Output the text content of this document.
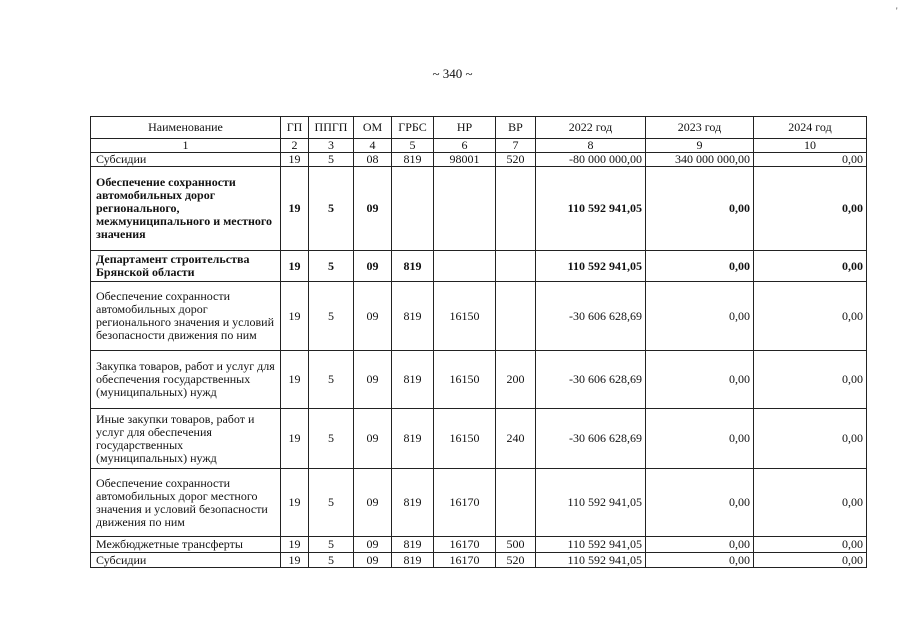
~ 340 ~
'
Наименование	ГП	ППГП	ОМ	ГРБС	НР	ВР	2022 год	2023 год	2024 год
1	2	3	4	5	6	7	8	9	10
Субсидии	19	5	08	819	98001	520	-80 000 000,00	340 000 000,00	0,00
Обеспечение сохранности автомобильных дорог регионального, межмуниципального и местного значения	19	5	09				110 592 941,05	0,00	0,00
Департамент строительства Брянской области	19	5	09	819			110 592 941,05	0,00	0,00
Обеспечение сохранности автомобильных дорог регионального значения и условий безопасности движения по ним	19	5	09	819	16150		-30 606 628,69	0,00	0,00
Закупка товаров, работ и услуг для обеспечения государственных (муниципальных) нужд	19	5	09	819	16150	200	-30 606 628,69	0,00	0,00
Иные закупки товаров, работ и услуг для обеспечения государственных (муниципальных) нужд	19	5	09	819	16150	240	-30 606 628,69	0,00	0,00
Обеспечение сохранности автомобильных дорог местного значения и условий безопасности движения по ним	19	5	09	819	16170		110 592 941,05	0,00	0,00
Межбюджетные трансферты	19	5	09	819	16170	500	110 592 941,05	0,00	0,00
Субсидии	19	5	09	819	16170	520	110 592 941,05	0,00	0,00
